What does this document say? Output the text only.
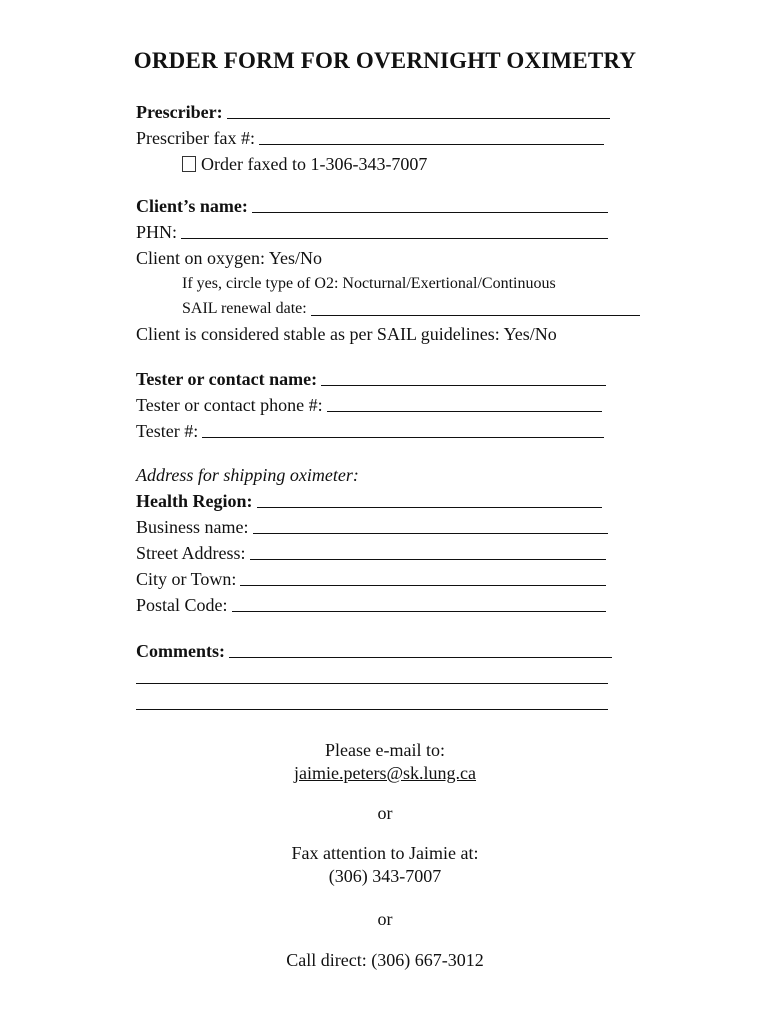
ORDER FORM FOR OVERNIGHT OXIMETRY
Prescriber:
Prescriber fax #:
Order faxed to 1-306-343-7007
Client’s name:
PHN:
Client on oxygen: Yes/No
If yes, circle type of O2: Nocturnal/Exertional/Continuous
SAIL renewal date:
Client is considered stable as per SAIL guidelines: Yes/No
Tester or contact name:
Tester or contact phone #:
Tester #:
Address for shipping oximeter:
Health Region:
Business name:
Street Address:
City or Town:
Postal Code:
Comments:
Please e-mail to:
jaimie.peters@sk.lung.ca
or
Fax attention to Jaimie at:
(306) 343-7007
or
Call direct: (306) 667-3012
